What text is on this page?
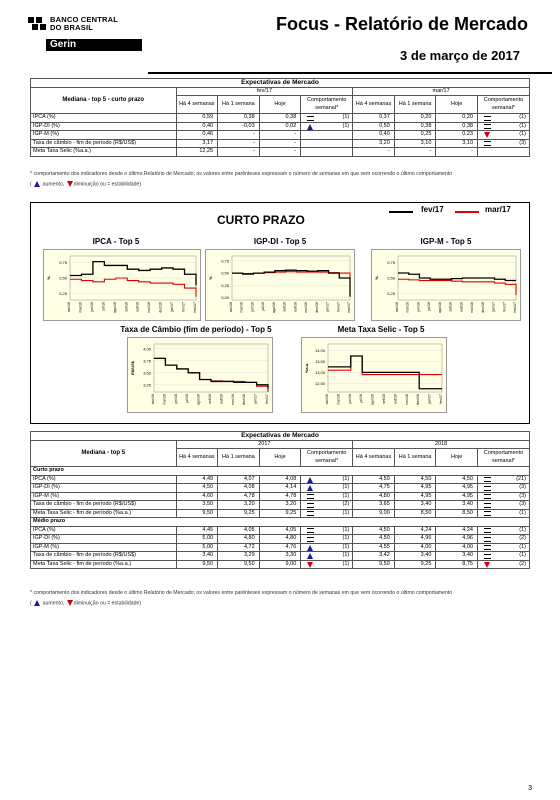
BANCO CENTRAL
DO BRASIL
Gerin
Focus - Relatório de Mercado
3 de março de 2017
Expectativas de Mercado								
Mediana - top 5 - curto prazo	fev/17				mar/17			
	Há 4 semanas	Há 1 semana	Hoje	Comportamento semanal*	Há 4 semanas	Há 1 semana	Hoje	Comportamento semanal*
IPCA (%)	0,59	0,38	0,38	(1)	0,37	0,20	0,20	(1)
IGP-DI (%)	0,40	-0,03	0,02	(1)	0,50	0,38	0,38	(1)
IGP-M (%)	0,46	-	-		0,40	0,25	0,23	(1)
Taxa de câmbio - fim de período (R$/US$)	3,17	-	-		3,20	3,10	3,10	(3)
Meta Taxa Selic (%a.a.)	12,25	-	-		-	-	-	
* comportamento dos indicadores desde o último Relatório de Mercado; os valores entre parênteses expressam o número de semanas em que vem ocorrendo o último comportamento
( aumento, diminuição ou = estabilidade)
CURTO PRAZO
fev/17	mar/17
IPCA - Top 5	IGP-DI - Top 5	IGP-M - Top 5
Taxa de Câmbio (fim de período) - Top 5	Meta Taxa Selic - Top 5
0,75
0,50
0,25
%
abr/16 mai/16 jun/16 jul/16 ago/16 set/16 out/16 nov/16 dez/16 jan/17 fev/17 mar/17
0,75
0,50
0,25
0,00
%
abr/16 mai/16 jun/16 jul/16 ago/16 set/16 out/16 nov/16 dez/16 jan/17 fev/17 mar/17
0,75
0,50
0,25
%
abr/16 mai/16 jun/16 jul/16 ago/16 set/16 out/16 nov/16 dez/16 jan/17 fev/17 mar/17
4,00
3,75
3,50
3,25
R$/US$
abr/16 mai/16 jun/16 jul/16 ago/16 set/16 out/16 nov/16 dez/16 jan/17 fev/17
14,00
13,50
13,00
12,50
%a.a.
abr/16 mai/16 jun/16 jul/16 ago/16 set/16 out/16 nov/16 dez/16 jan/17 fev/17
Expectativas de Mercado								
Mediana - top 5	2017				2018			
	Há 4 semanas	Há 1 semana	Hoje	Comportamento semanal*	Há 4 semanas	Há 1 semana	Hoje	Comportamento semanal*
Curto prazo								
IPCA (%)	4,49	4,07	4,08	(1)	4,50	4,50	4,50	(21)
IGP-DI (%)	4,50	4,08	4,14	(1)	4,75	4,95	4,95	(3)
IGP-M (%)	4,60	4,78	4,78	(1)	4,80	4,95	4,95	(3)
Taxa de câmbio - fim de período (R$/US$)	3,50	3,20	3,20	(2)	3,65	3,40	3,40	(3)
Meta Taxa Selic - fim de período (%a.a.)	9,50	9,25	9,25	(1)	9,00	8,50	8,50	(1)
Médio prazo								
IPCA (%)	4,45	4,05	4,05	(1)	4,50	4,24	4,24	(1)
IGP-DI (%)	5,00	4,80	4,80	(1)	4,50	4,96	4,96	(2)
IGP-M (%)	5,00	4,72	4,76	(1)	4,55	4,00	4,00	(1)
Taxa de câmbio - fim de período (R$/US$)	3,40	3,29	3,30	(1)	3,42	3,40	3,40	(1)
Meta Taxa Selic - fim de período (%a.a.)	9,50	9,50	9,00	(1)	9,50	9,25	8,75	(2)
* comportamento dos indicadores desde o último Relatório de Mercado; os valores entre parênteses expressam o número de semanas em que vem ocorrendo o último comportamento
( aumento, diminuição ou = estabilidade)
3
